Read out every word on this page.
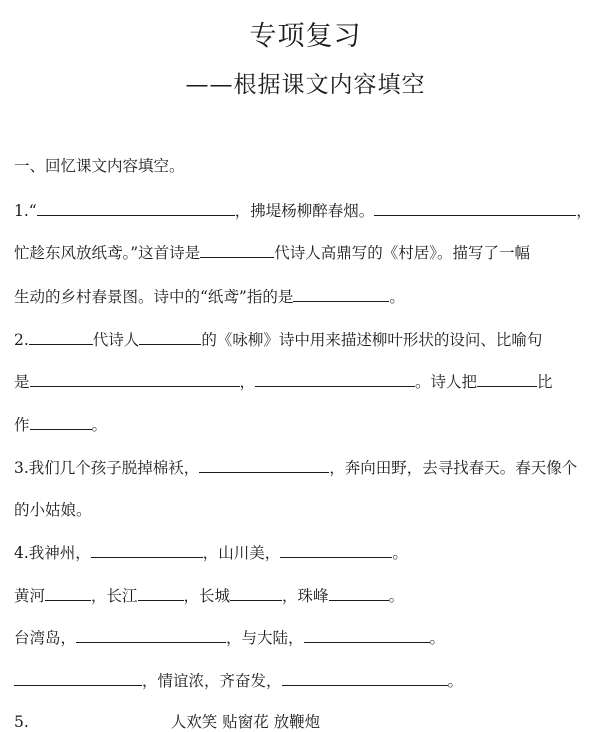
专项复习
——根据课文内容填空
一、回忆课文内容填空。
1.“	，拂堤杨柳醉春烟。	，
忙趁东风放纸鸢。”这首诗是	代诗人高鼎写的《村居》。描写了一幅
生动的乡村春景图。诗中的“纸鸢”指的是	。
2.	代诗人	的《咏柳》诗中用来描述柳叶形状的设问、比喻句
是	，	。诗人把	比
作	。
3.我们几个孩子脱掉棉袄，	，奔向田野，去寻找春天。春天像个
的小姑娘。
4.我神州，	，山川美，	。
黄河	，长江	，长城	，珠峰	。
台湾岛，	，与大陆，	。
，情谊浓，齐奋发，	。
5.	人欢笑 贴窗花 放鞭炮
